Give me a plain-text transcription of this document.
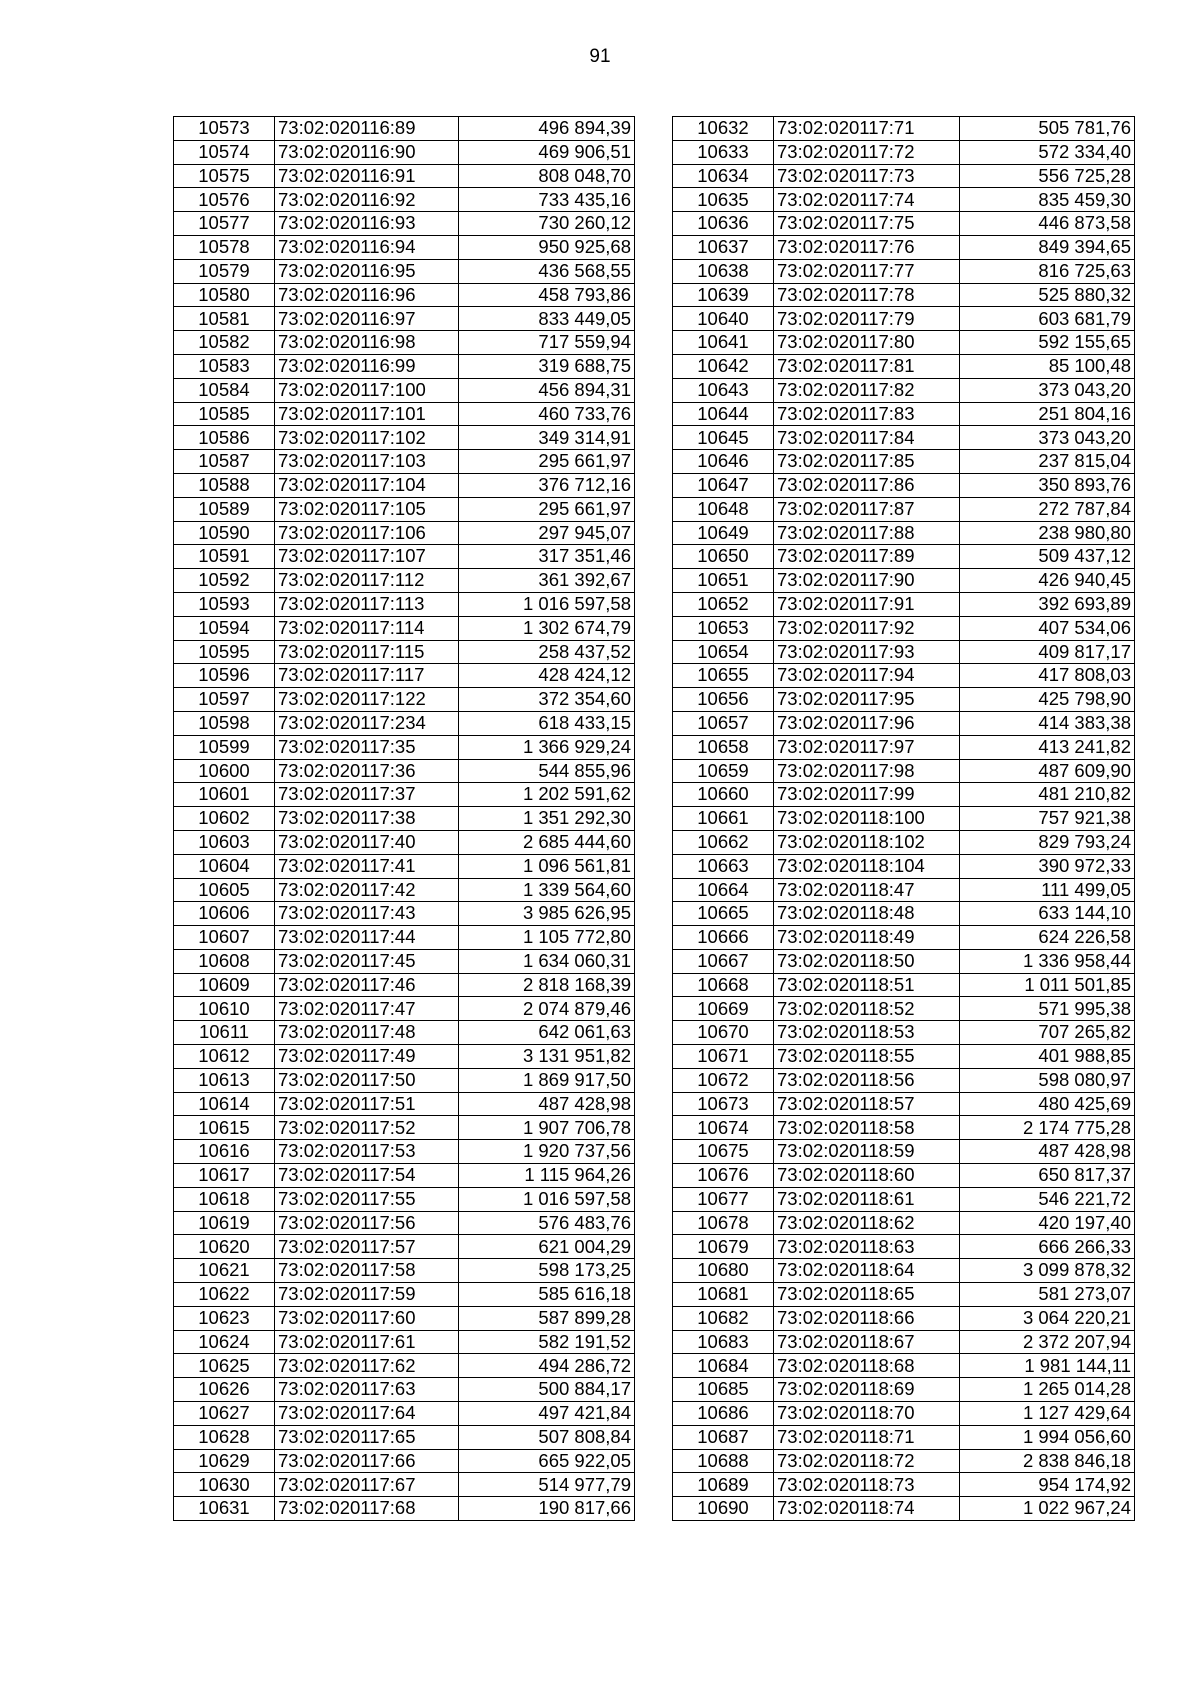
91
10573	73:02:020116:89	496 894,39
10574	73:02:020116:90	469 906,51
10575	73:02:020116:91	808 048,70
10576	73:02:020116:92	733 435,16
10577	73:02:020116:93	730 260,12
10578	73:02:020116:94	950 925,68
10579	73:02:020116:95	436 568,55
10580	73:02:020116:96	458 793,86
10581	73:02:020116:97	833 449,05
10582	73:02:020116:98	717 559,94
10583	73:02:020116:99	319 688,75
10584	73:02:020117:100	456 894,31
10585	73:02:020117:101	460 733,76
10586	73:02:020117:102	349 314,91
10587	73:02:020117:103	295 661,97
10588	73:02:020117:104	376 712,16
10589	73:02:020117:105	295 661,97
10590	73:02:020117:106	297 945,07
10591	73:02:020117:107	317 351,46
10592	73:02:020117:112	361 392,67
10593	73:02:020117:113	1 016 597,58
10594	73:02:020117:114	1 302 674,79
10595	73:02:020117:115	258 437,52
10596	73:02:020117:117	428 424,12
10597	73:02:020117:122	372 354,60
10598	73:02:020117:234	618 433,15
10599	73:02:020117:35	1 366 929,24
10600	73:02:020117:36	544 855,96
10601	73:02:020117:37	1 202 591,62
10602	73:02:020117:38	1 351 292,30
10603	73:02:020117:40	2 685 444,60
10604	73:02:020117:41	1 096 561,81
10605	73:02:020117:42	1 339 564,60
10606	73:02:020117:43	3 985 626,95
10607	73:02:020117:44	1 105 772,80
10608	73:02:020117:45	1 634 060,31
10609	73:02:020117:46	2 818 168,39
10610	73:02:020117:47	2 074 879,46
10611	73:02:020117:48	642 061,63
10612	73:02:020117:49	3 131 951,82
10613	73:02:020117:50	1 869 917,50
10614	73:02:020117:51	487 428,98
10615	73:02:020117:52	1 907 706,78
10616	73:02:020117:53	1 920 737,56
10617	73:02:020117:54	1 115 964,26
10618	73:02:020117:55	1 016 597,58
10619	73:02:020117:56	576 483,76
10620	73:02:020117:57	621 004,29
10621	73:02:020117:58	598 173,25
10622	73:02:020117:59	585 616,18
10623	73:02:020117:60	587 899,28
10624	73:02:020117:61	582 191,52
10625	73:02:020117:62	494 286,72
10626	73:02:020117:63	500 884,17
10627	73:02:020117:64	497 421,84
10628	73:02:020117:65	507 808,84
10629	73:02:020117:66	665 922,05
10630	73:02:020117:67	514 977,79
10631	73:02:020117:68	190 817,66
10632	73:02:020117:71	505 781,76
10633	73:02:020117:72	572 334,40
10634	73:02:020117:73	556 725,28
10635	73:02:020117:74	835 459,30
10636	73:02:020117:75	446 873,58
10637	73:02:020117:76	849 394,65
10638	73:02:020117:77	816 725,63
10639	73:02:020117:78	525 880,32
10640	73:02:020117:79	603 681,79
10641	73:02:020117:80	592 155,65
10642	73:02:020117:81	85 100,48
10643	73:02:020117:82	373 043,20
10644	73:02:020117:83	251 804,16
10645	73:02:020117:84	373 043,20
10646	73:02:020117:85	237 815,04
10647	73:02:020117:86	350 893,76
10648	73:02:020117:87	272 787,84
10649	73:02:020117:88	238 980,80
10650	73:02:020117:89	509 437,12
10651	73:02:020117:90	426 940,45
10652	73:02:020117:91	392 693,89
10653	73:02:020117:92	407 534,06
10654	73:02:020117:93	409 817,17
10655	73:02:020117:94	417 808,03
10656	73:02:020117:95	425 798,90
10657	73:02:020117:96	414 383,38
10658	73:02:020117:97	413 241,82
10659	73:02:020117:98	487 609,90
10660	73:02:020117:99	481 210,82
10661	73:02:020118:100	757 921,38
10662	73:02:020118:102	829 793,24
10663	73:02:020118:104	390 972,33
10664	73:02:020118:47	111 499,05
10665	73:02:020118:48	633 144,10
10666	73:02:020118:49	624 226,58
10667	73:02:020118:50	1 336 958,44
10668	73:02:020118:51	1 011 501,85
10669	73:02:020118:52	571 995,38
10670	73:02:020118:53	707 265,82
10671	73:02:020118:55	401 988,85
10672	73:02:020118:56	598 080,97
10673	73:02:020118:57	480 425,69
10674	73:02:020118:58	2 174 775,28
10675	73:02:020118:59	487 428,98
10676	73:02:020118:60	650 817,37
10677	73:02:020118:61	546 221,72
10678	73:02:020118:62	420 197,40
10679	73:02:020118:63	666 266,33
10680	73:02:020118:64	3 099 878,32
10681	73:02:020118:65	581 273,07
10682	73:02:020118:66	3 064 220,21
10683	73:02:020118:67	2 372 207,94
10684	73:02:020118:68	1 981 144,11
10685	73:02:020118:69	1 265 014,28
10686	73:02:020118:70	1 127 429,64
10687	73:02:020118:71	1 994 056,60
10688	73:02:020118:72	2 838 846,18
10689	73:02:020118:73	954 174,92
10690	73:02:020118:74	1 022 967,24
